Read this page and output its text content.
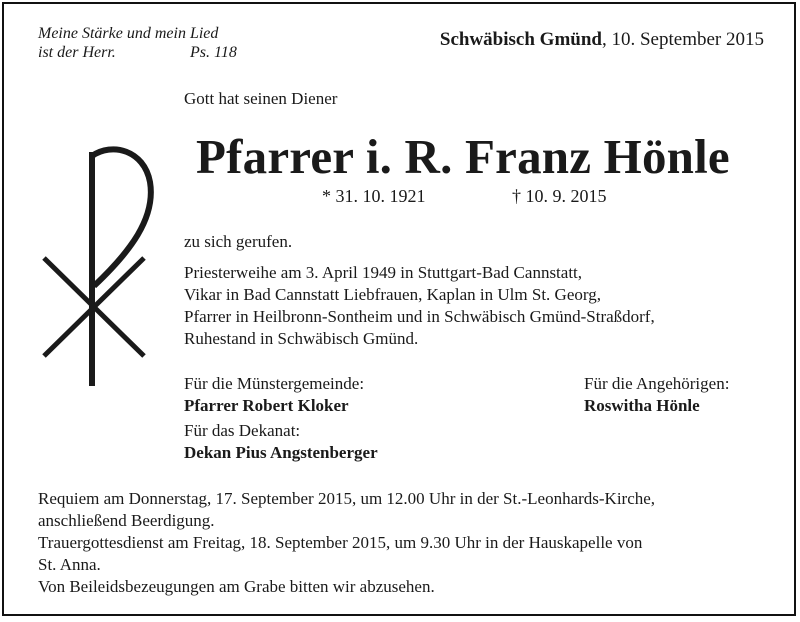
Meine Stärke und mein Lied
ist der Herr.	Ps. 118
Schwäbisch Gmünd, 10. September 2015
Gott hat seinen Diener
Pfarrer i. R. Franz Hönle
* 31. 10. 1921	† 10. 9. 2015
zu sich gerufen.
Priesterweihe am 3. April 1949 in Stuttgart-Bad Cannstatt,
Vikar in Bad Cannstatt Liebfrauen, Kaplan in Ulm St. Georg,
Pfarrer in Heilbronn-Sontheim und in Schwäbisch Gmünd-Straßdorf,
Ruhestand in Schwäbisch Gmünd.
Für die Münstergemeinde:
Pfarrer Robert Kloker
Für die Angehörigen:
Roswitha Hönle
Für das Dekanat:
Dekan Pius Angstenberger
Requiem am Donnerstag, 17. September 2015, um 12.00 Uhr in der St.-Leonhards-Kirche,
anschließend Beerdigung.
Trauergottesdienst am Freitag, 18. September 2015, um 9.30 Uhr in der Hauskapelle von
St. Anna.
Von Beileidsbezeugungen am Grabe bitten wir abzusehen.
